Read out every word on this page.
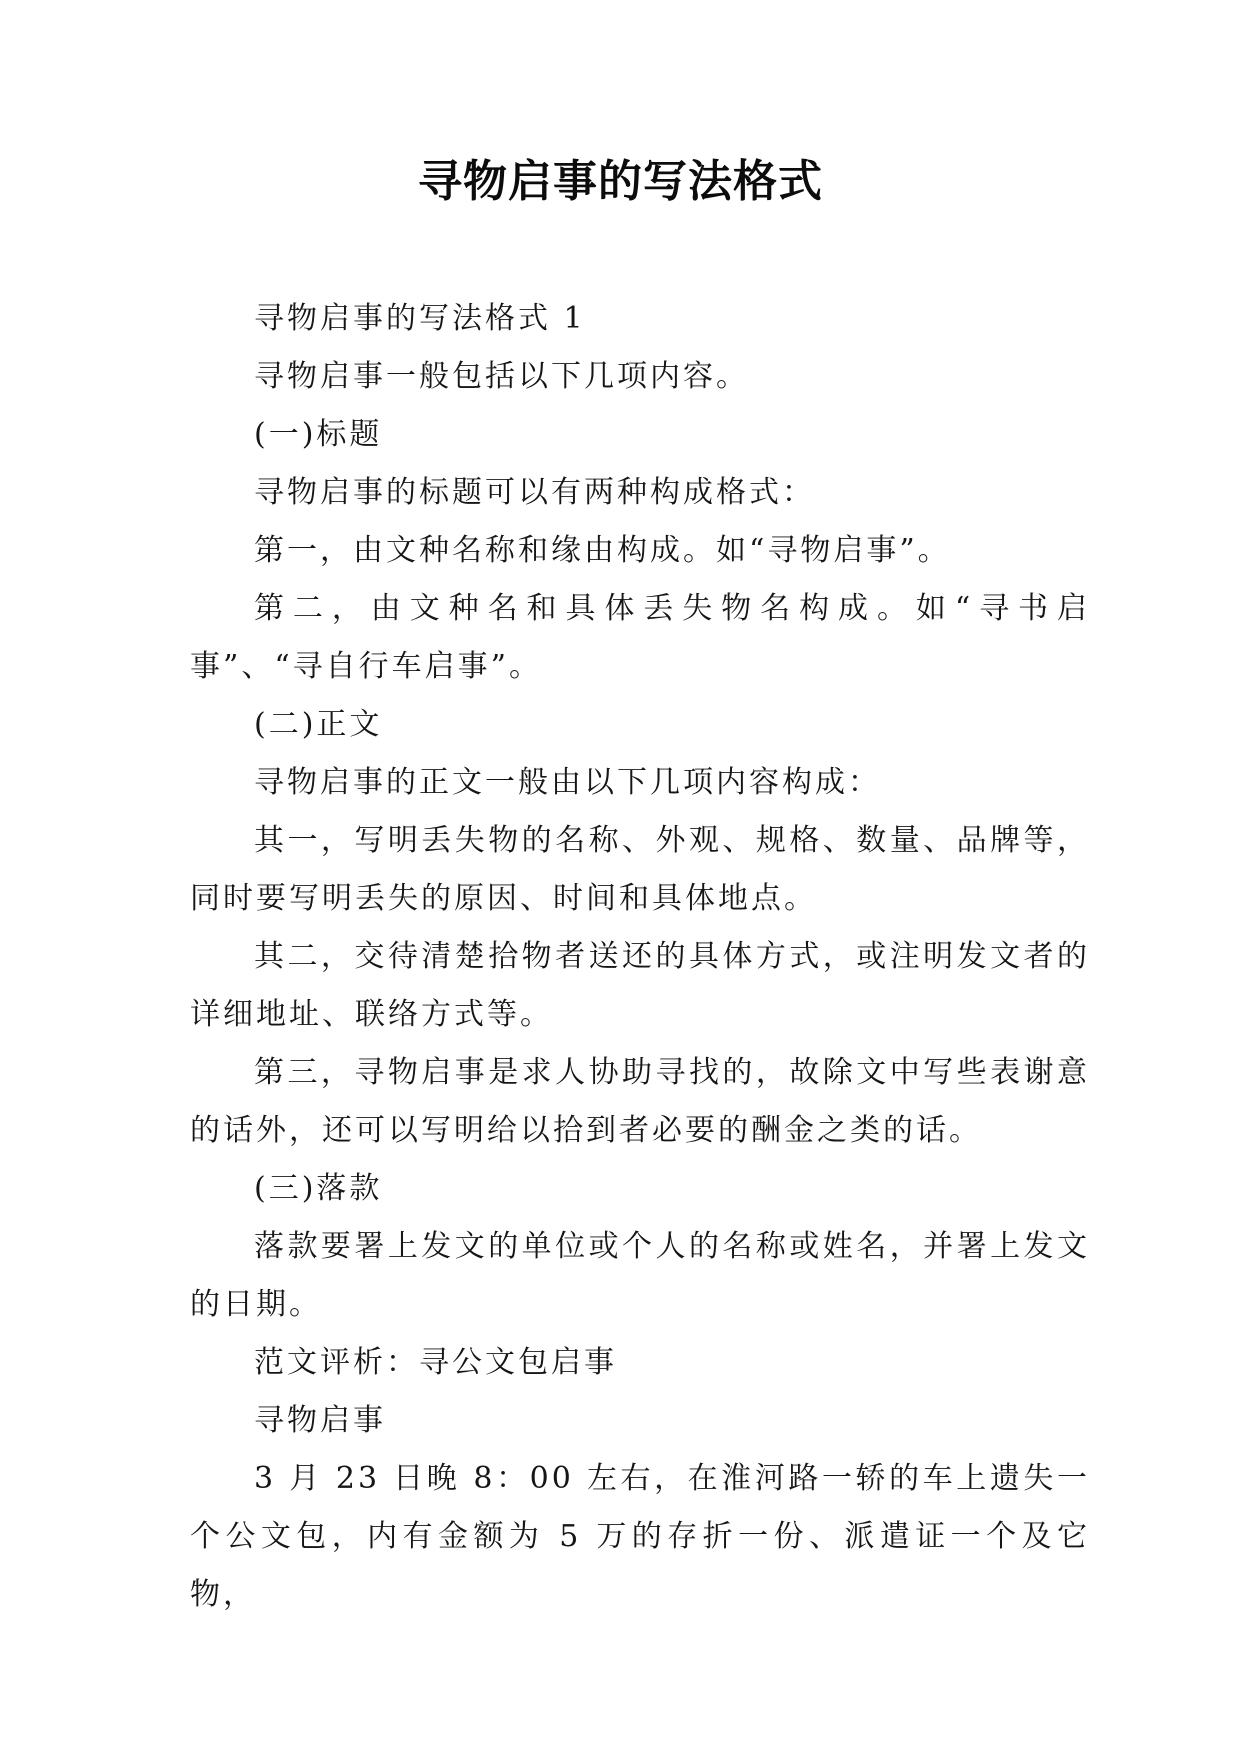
寻物启事的写法格式

寻物启事的写法格式 1

寻物启事一般包括以下几项内容。

(一)标题

寻物启事的标题可以有两种构成格式：

第一，由文种名称和缘由构成。如“寻物启事”。

第二，由文种名和具体丢失物名构成。如“寻书启事”、“寻自行车启事”。

(二)正文

寻物启事的正文一般由以下几项内容构成：

其一，写明丢失物的名称、外观、规格、数量、品牌等，同时要写明丢失的原因、时间和具体地点。

其二，交待清楚拾物者送还的具体方式，或注明发文者的详细地址、联络方式等。

第三，寻物启事是求人协助寻找的，故除文中写些表谢意的话外，还可以写明给以拾到者必要的酬金之类的话。

(三)落款

落款要署上发文的单位或个人的名称或姓名，并署上发文的日期。

范文评析：寻公文包启事

寻物启事

3 月 23 日晚 8：00 左右，在淮河路一轿的车上遗失一个公文包，内有金额为 5 万的存折一份、派遣证一个及它物，
